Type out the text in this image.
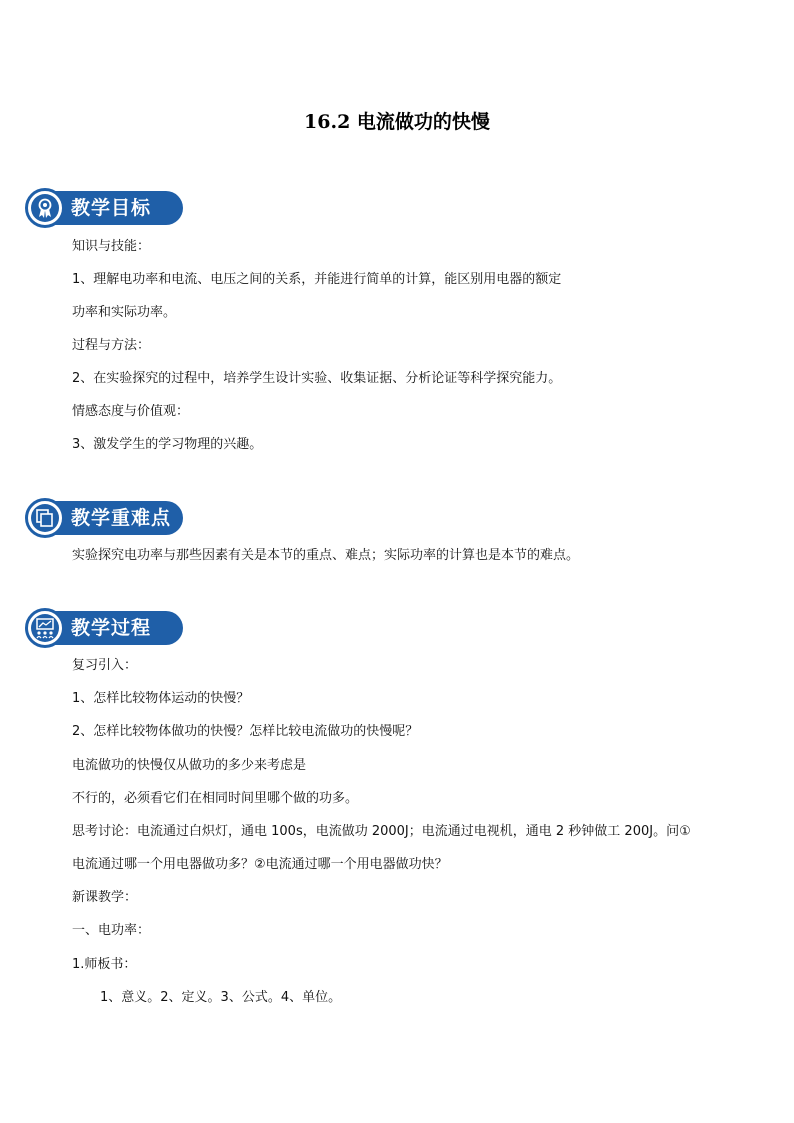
16.2 电流做功的快慢
教学目标
知识与技能：
1、理解电功率和电流、电压之间的关系，并能进行简单的计算，能区别用电器的额定
功率和实际功率。
过程与方法：
2、在实验探究的过程中，培养学生设计实验、收集证据、分析论证等科学探究能力。
情感态度与价值观：
3、激发学生的学习物理的兴趣。
教学重难点
实验探究电功率与那些因素有关是本节的重点、难点；实际功率的计算也是本节的难点。
教学过程
复习引入：
1、怎样比较物体运动的快慢？
2、怎样比较物体做功的快慢？怎样比较电流做功的快慢呢？
电流做功的快慢仅从做功的多少来考虑是
不行的，必须看它们在相同时间里哪个做的功多。
思考讨论：电流通过白炽灯，通电 100s，电流做功 2000J；电流通过电视机，通电 2 秒钟做工 200J。问①
电流通过哪一个用电器做功多？②电流通过哪一个用电器做功快？
新课教学：
一、电功率：
1.师板书：
1、意义。2、定义。3、公式。4、单位。
